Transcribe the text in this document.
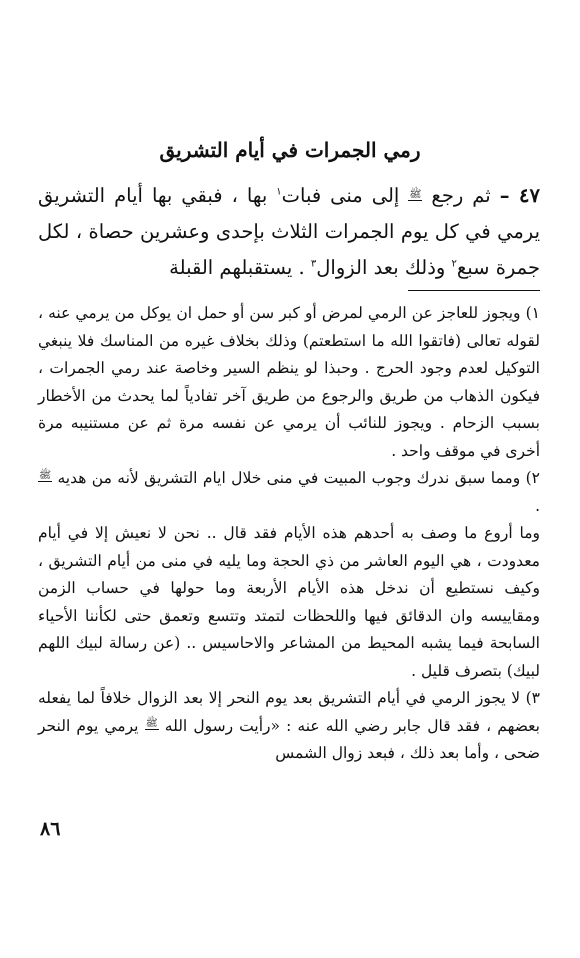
رمي الجمرات في أيام التشريق

٤٧ – ثم رجع ﷺ إلى منى فبات$^١$ بها ، فبقي بها أيام التشريق يرمي في كل يوم الجمرات الثلاث بإحدى وعشرين حصاة ، لكل جمرة سبع$^٢$ وذلك بعد الزوال$^٣$ . يستقبلهم القبلة

١) ويجوز للعاجز عن الرمي لمرض أو كبر سن أو حمل ان يوكل من يرمي عنه ، لقوله تعالى (فاتقوا الله ما استطعتم) وذلك بخلاف غيره من المناسك فلا ينبغي التوكيل لعدم وجود الحرج . وحبذا لو ينظم السير وخاصة عند رمي الجمرات ، فيكون الذهاب من طريق والرجوع من طريق آخر تفادياً لما يحدث من الأخطار بسبب الزحام . ويجوز للنائب أن يرمي عن نفسه مرة ثم عن مستنيبه مرة أخرى في موقف واحد .

٢) ومما سبق ندرك وجوب المبيت في منى خلال ايام التشريق لأنه من هديه ﷺ .

وما أروع ما وصف به أحدهم هذه الأيام فقد قال .. نحن لا نعيش إلا في أيام معدودت ، هي اليوم العاشر من ذي الحجة وما يليه في منى من أيام التشريق ، وكيف نستطيع أن ندخل هذه الأيام الأربعة وما حولها في حساب الزمن ومقاييسه وان الدقائق فيها واللحظات لتمتد وتتسع وتعمق حتى لكأننا الأحياء السابحة فيما يشبه المحيط من المشاعر والاحاسيس .. (عن رسالة لبيك اللهم لبيك) بتصرف قليل .

٣) لا يجوز الرمي في أيام التشريق بعد يوم النحر إلا بعد الزوال خلافاً لما يفعله بعضهم ، فقد قال جابر رضي الله عنه : «رأيت رسول الله ﷺ يرمي يوم النحر ضحى ، وأما بعد ذلك ، فبعد زوال الشمس

٨٦
